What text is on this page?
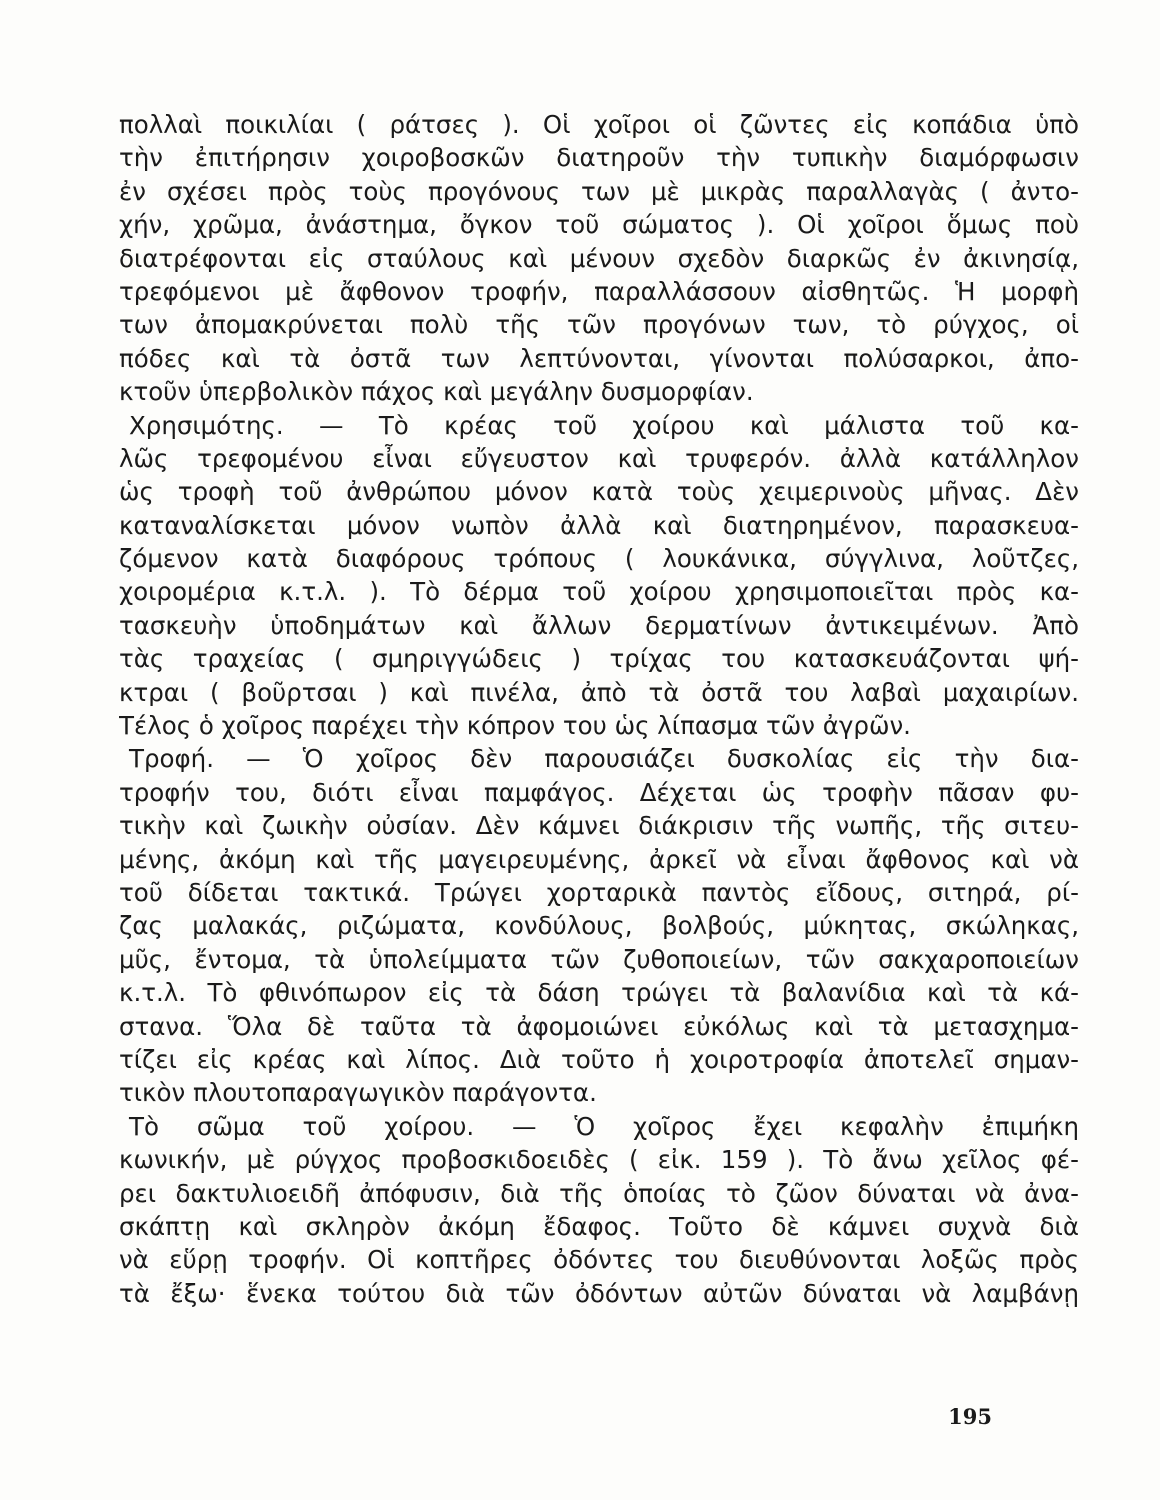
πολλαὶ ποικιλίαι ( ράτσες ). Οἱ χοῖροι οἱ ζῶντες εἰς κοπάδια ὑπὸ
τὴν ἐπιτήρησιν χοιροβοσκῶν διατηροῦν τὴν τυπικὴν διαμόρφωσιν
ἐν σχέσει πρὸς τοὺς προγόνους των μὲ μικρὰς παραλλαγὰς ( ἀντο-
χήν, χρῶμα, ἀνάστημα, ὄγκον τοῦ σώματος ). Οἱ χοῖροι ὅμως ποὺ
διατρέφονται εἰς σταύλους καὶ μένουν σχεδὸν διαρκῶς ἐν ἀκινησίᾳ,
τρεφόμενοι μὲ ἄφθονον τροφήν, παραλλάσσουν αἰσθητῶς. Ἡ μορφὴ
των ἀπομακρύνεται πολὺ τῆς τῶν προγόνων των, τὸ ρύγχος, οἱ
πόδες καὶ τὰ ὀστᾶ των λεπτύνονται, γίνονται πολύσαρκοι, ἀπο-
κτοῦν ὑπερβολικὸν πάχος καὶ μεγάλην δυσμορφίαν.
Χρησιμότης. — Τὸ κρέας τοῦ χοίρου καὶ μάλιστα τοῦ κα-
λῶς τρεφομένου εἶναι εὔγευστον καὶ τρυφερόν. ἀλλὰ κατάλληλον
ὡς τροφὴ τοῦ ἀνθρώπου μόνον κατὰ τοὺς χειμερινοὺς μῆνας. Δὲν
καταναλίσκεται μόνον νωπὸν ἀλλὰ καὶ διατηρημένον, παρασκευα-
ζόμενον κατὰ διαφόρους τρόπους ( λουκάνικα, σύγγλινα, λοῦτζες,
χοιρομέρια κ.τ.λ. ). Τὸ δέρμα τοῦ χοίρου χρησιμοποιεῖται πρὸς κα-
τασκευὴν ὑποδημάτων καὶ ἄλλων δερματίνων ἀντικειμένων. Ἀπὸ
τὰς τραχείας ( σμηριγγώδεις ) τρίχας του κατασκευάζονται ψή-
κτραι ( βοῦρτσαι ) καὶ πινέλα, ἀπὸ τὰ ὀστᾶ του λαβαὶ μαχαιρίων.
Τέλος ὁ χοῖρος παρέχει τὴν κόπρον του ὡς λίπασμα τῶν ἀγρῶν.
Τροφή. — Ὁ χοῖρος δὲν παρουσιάζει δυσκολίας εἰς τὴν δια-
τροφήν του, διότι εἶναι παμφάγος. Δέχεται ὡς τροφὴν πᾶσαν φυ-
τικὴν καὶ ζωικὴν οὐσίαν. Δὲν κάμνει διάκρισιν τῆς νωπῆς, τῆς σιτευ-
μένης, ἀκόμη καὶ τῆς μαγειρευμένης, ἀρκεῖ νὰ εἶναι ἄφθονος καὶ νὰ
τοῦ δίδεται τακτικά. Τρώγει χορταρικὰ παντὸς εἴδους, σιτηρά, ρί-
ζας μαλακάς, ριζώματα, κονδύλους, βολβούς, μύκητας, σκώληκας,
μῦς, ἔντομα, τὰ ὑπολείμματα τῶν ζυθοποιείων, τῶν σακχαροποιείων
κ.τ.λ. Τὸ φθινόπωρον εἰς τὰ δάση τρώγει τὰ βαλανίδια καὶ τὰ κά-
στανα. Ὅλα δὲ ταῦτα τὰ ἀφομοιώνει εὐκόλως καὶ τὰ μετασχημα-
τίζει εἰς κρέας καὶ λίπος. Διὰ τοῦτο ἡ χοιροτροφία ἀποτελεῖ σημαν-
τικὸν πλουτοπαραγωγικὸν παράγοντα.
Τὸ σῶμα τοῦ χοίρου. — Ὁ χοῖρος ἔχει κεφαλὴν ἐπιμήκη
κωνικήν, μὲ ρύγχος προβοσκιδοειδὲς ( εἰκ. 159 ). Τὸ ἄνω χεῖλος φέ-
ρει δακτυλιοειδῆ ἀπόφυσιν, διὰ τῆς ὁποίας τὸ ζῶον δύναται νὰ ἀνα-
σκάπτῃ καὶ σκληρὸν ἀκόμη ἔδαφος. Τοῦτο δὲ κάμνει συχνὰ διὰ
νὰ εὕρῃ τροφήν. Οἱ κοπτῆρες ὀδόντες του διευθύνονται λοξῶς πρὸς
τὰ ἔξω· ἕνεκα τούτου διὰ τῶν ὀδόντων αὐτῶν δύναται νὰ λαμβάνῃ
195
